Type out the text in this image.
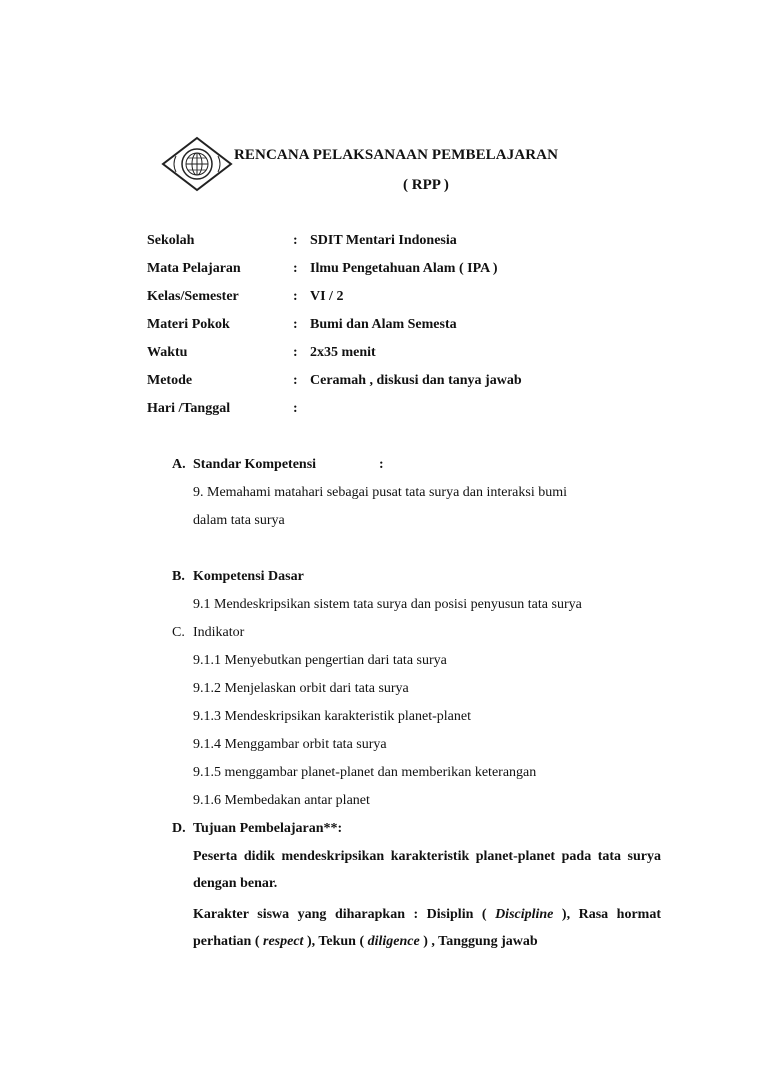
RENCANA PELAKSANAAN PEMBELAJARAN
( RPP )
Sekolah	: SDIT Mentari Indonesia
Mata Pelajaran	: Ilmu Pengetahuan Alam ( IPA )
Kelas/Semester	: VI / 2
Materi Pokok	: Bumi dan Alam Semesta
Waktu	: 2x35 menit
Metode	: Ceramah , diskusi dan tanya jawab
Hari /Tanggal	:
A. Standar Kompetensi	:
9. Memahami matahari sebagai pusat tata surya dan interaksi bumi
dalam tata surya
B. Kompetensi Dasar
9.1 Mendeskripsikan sistem tata surya dan posisi penyusun tata surya
C. Indikator
9.1.1 Menyebutkan pengertian dari tata surya
9.1.2 Menjelaskan orbit dari tata surya
9.1.3 Mendeskripsikan karakteristik planet-planet
9.1.4 Menggambar orbit tata surya
9.1.5 menggambar planet-planet dan memberikan keterangan
9.1.6 Membedakan antar planet
D. Tujuan Pembelajaran**:
Peserta didik mendeskripsikan karakteristik planet-planet pada tata surya dengan benar.
Karakter siswa yang diharapkan : Disiplin ( Discipline ), Rasa hormat perhatian ( respect ), Tekun ( diligence ) , Tanggung jawab
